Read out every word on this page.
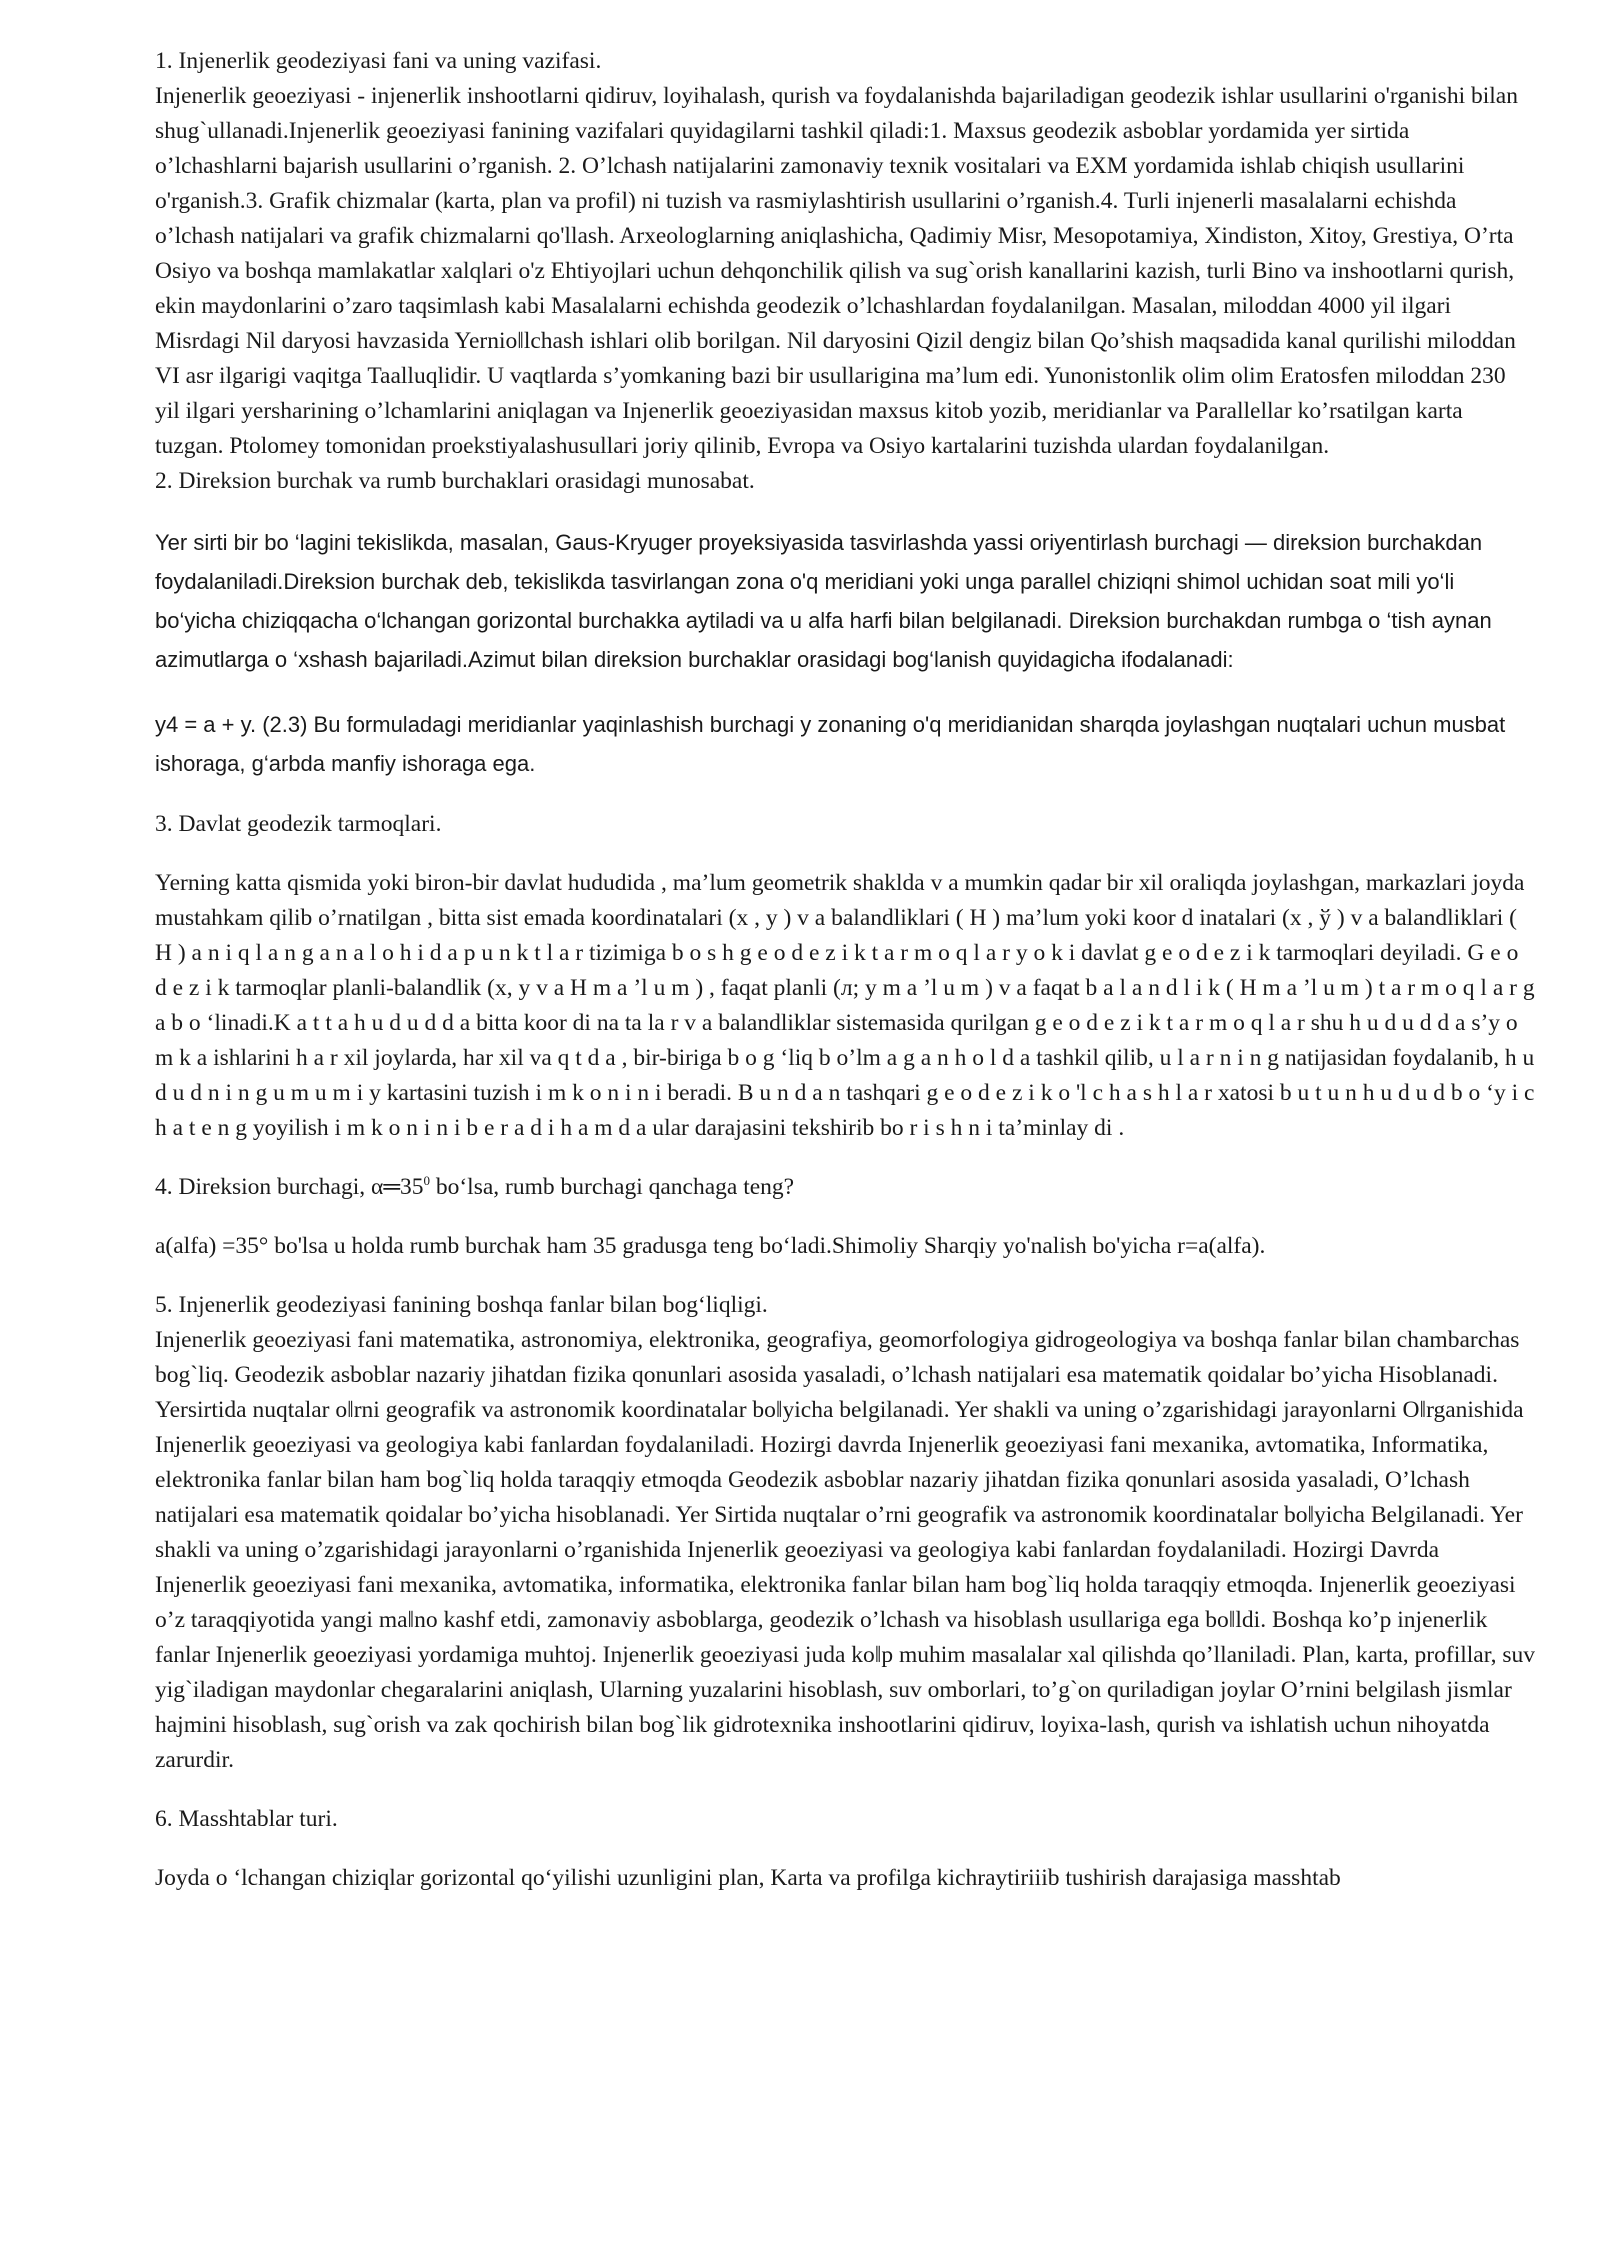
1. Injenerlik geodeziyasi fani va uning vazifasi.

Injenerlik geoeziyasi - injenerlik inshootlarni qidiruv, loyihalash, qurish va foydalanishda bajariladigan geodezik ishlar usullarini o'rganishi bilan shug`ullanadi.Injenerlik geoeziyasi fanining vazifalari quyidagilarni tashkil qiladi:1. Maxsus geodezik asboblar yordamida yer sirtida o’lchashlarni bajarish usullarini o’rganish. 2. O’lchash natijalarini zamonaviy texnik vositalari va EXM yordamida ishlab chiqish usullarini o'rganish.3. Grafik chizmalar (karta, plan va profil) ni tuzish va rasmiylashtirish usullarini o’rganish.4. Turli injenerli masalalarni echishda o’lchash natijalari va grafik chizmalarni qo'llash. Arxeologlarning aniqlashicha, Qadimiy Misr, Mesopotamiya, Xindiston, Xitoy, Grestiya, O’rta Osiyo va boshqa mamlakatlar xalqlari o'z Ehtiyojlari uchun dehqonchilik qilish va sug`orish kanallarini kazish, turli Bino va inshootlarni qurish, ekin maydonlarini o’zaro taqsimlash kabi Masalalarni echishda geodezik o’lchashlardan foydalanilgan. Masalan, miloddan 4000 yil ilgari Misrdagi Nil daryosi havzasida Yernio‖lchash ishlari olib borilgan. Nil daryosini Qizil dengiz bilan Qo’shish maqsadida kanal qurilishi miloddan VI asr ilgarigi vaqitga Taalluqlidir. U vaqtlarda s’yomkaning bazi bir usullarigina ma’lum edi. Yunonistonlik olim olim Eratosfen miloddan 230 yil ilgari yersharining o’lchamlarini aniqlagan va Injenerlik geoeziyasidan maxsus kitob yozib, meridianlar va Parallellar ko’rsatilgan karta tuzgan. Ptolomey tomonidan proekstiyalashusullari joriy qilinib, Evropa va Osiyo kartalarini tuzishda ulardan foydalanilgan.

2. Direksion burchak va rumb burchaklari orasidagi munosabat.

Yer sirti bir bo ‘lagini tekislikda, masalan, Gaus-Kryuger proyeksiyasida tasvirlashda yassi oriyentirlash burchagi — direksion burchakdan foydalaniladi.Direksion burchak deb, tekislikda tasvirlangan zona o'q meridiani yoki unga parallel chiziqni shimol uchidan soat mili yo‘li bo‘yicha chiziqqacha o‘lchangan gorizontal burchakka aytiladi va u alfa harfi bilan belgilanadi. Direksion burchakdan rumbga o ‘tish aynan azimutlarga o ‘xshash bajariladi.Azimut bilan direksion burchaklar orasidagi bog‘lanish quyidagicha ifodalanadi:

y4 = a + y. (2.3) Bu formuladagi meridianlar yaqinlashish burchagi y zonaning o'q meridianidan sharqda joylashgan nuqtalari uchun musbat ishoraga, g‘arbda manfiy ishoraga ega.

3. Davlat geodezik tarmoqlari.

Yerning katta qismida yoki biron-bir davlat hududida , ma’lum geometrik shaklda v a mumkin qadar bir xil oraliqda joylashgan, markazlari joyda mustahkam qilib o’rnatilgan , bitta sist emada koordinatalari (x , y ) v a balandliklari ( H ) ma’lum yoki koor d inatalari (x , ў ) v a balandliklari ( H ) a n i q l a n g a n a l o h i d a p u n k t l a r tizimiga b o s h g e o d e z i k t a r m o q l a r y o k i davlat g e o d e z i k tarmoqlari deyiladi. G e o d e z i k tarmoqlar planli-balandlik (x, y v a H m a ’l u m ) , faqat planli (л; y m a ’l u m ) v a faqat b a l a n d l i k ( H m a ’l u m ) t a r m o q l a r g a b o ‘linadi.K a t t a h u d u d d a bitta koor di na ta la r v a balandliklar sistemasida qurilgan g e o d e z i k t a r m o q l a r shu h u d u d d a s’y o m k a ishlarini h a r xil joylarda, har xil va q t d a , bir-biriga b o g ‘liq b o’lm a g a n h o l d a tashkil qilib, u l a r n i n g natijasidan foydalanib, h u d u d n i n g u m u m i y kartasini tuzish i m k o n i n i beradi. B u n d a n tashqari g e o d e z i k o 'l c h a s h l a r xatosi b u t u n h u d u d b o ‘y i c h a t e n g yoyilish i m k o n i n i b e r a d i h a m d a ular darajasini tekshirib bo r i s h n i ta’minlay di .

4. Direksion burchagi, $\alpha═35^0$ bo‘lsa, rumb burchagi qanchaga teng?

a(alfa) =35° bo'lsa u holda rumb burchak ham 35 gradusga teng bo‘ladi.Shimoliy Sharqiy yo'nalish bo'yicha r=a(alfa).

5. Injenerlik geodeziyasi fanining boshqa fanlar bilan bog‘liqligi.

Injenerlik geoeziyasi fani matematika, astronomiya, elektronika, geografiya, geomorfologiya gidrogeologiya va boshqa fanlar bilan chambarchas bog`liq. Geodezik asboblar nazariy jihatdan fizika qonunlari asosida yasaladi, o’lchash natijalari esa matematik qoidalar bo’yicha Hisoblanadi. Yersirtida nuqtalar o‖rni geografik va astronomik koordinatalar bo‖yicha belgilanadi. Yer shakli va uning o’zgarishidagi jarayonlarni O‖rganishida Injenerlik geoeziyasi va geologiya kabi fanlardan foydalaniladi. Hozirgi davrda Injenerlik geoeziyasi fani mexanika, avtomatika, Informatika, elektronika fanlar bilan ham bog`liq holda taraqqiy etmoqda Geodezik asboblar nazariy jihatdan fizika qonunlari asosida yasaladi, O’lchash natijalari esa matematik qoidalar bo’yicha hisoblanadi. Yer Sirtida nuqtalar o’rni geografik va astronomik koordinatalar bo‖yicha Belgilanadi. Yer shakli va uning o’zgarishidagi jarayonlarni o’rganishida Injenerlik geoeziyasi va geologiya kabi fanlardan foydalaniladi. Hozirgi Davrda Injenerlik geoeziyasi fani mexanika, avtomatika, informatika, elektronika fanlar bilan ham bog`liq holda taraqqiy etmoqda. Injenerlik geoeziyasi o’z taraqqiyotida yangi ma‖no kashf etdi, zamonaviy asboblarga, geodezik o’lchash va hisoblash usullariga ega bo‖ldi. Boshqa ko’p injenerlik fanlar Injenerlik geoeziyasi yordamiga muhtoj. Injenerlik geoeziyasi juda ko‖p muhim masalalar xal qilishda qo’llaniladi. Plan, karta, profillar, suv yig`iladigan maydonlar chegaralarini aniqlash, Ularning yuzalarini hisoblash, suv omborlari, to’g`on quriladigan joylar O’rnini belgilash jismlar hajmini hisoblash, sug`orish va zak qochirish bilan bog`lik gidrotexnika inshootlarini qidiruv, loyixa-lash, qurish va ishlatish uchun nihoyatda zarurdir.

6. Masshtablar turi.

Joyda o ‘lchangan chiziqlar gorizontal qo‘yilishi uzunligini plan, Karta va profilga kichraytiriiib tushirish darajasiga masshtab
